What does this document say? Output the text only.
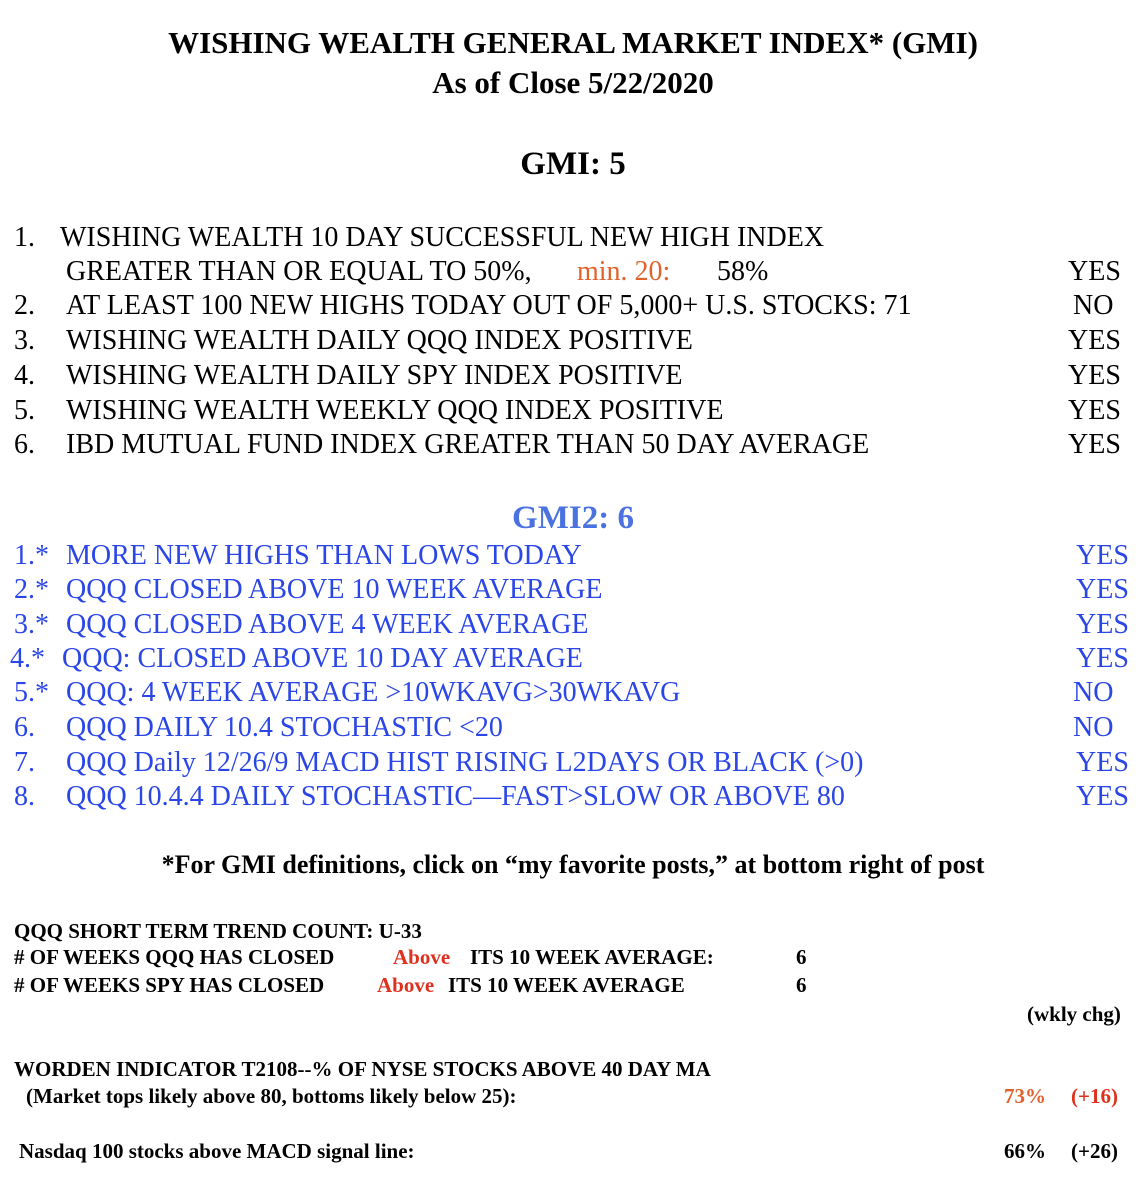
WISHING WEALTH GENERAL MARKET INDEX* (GMI)
As of Close 5/22/2020
GMI: 5
1. WISHING WEALTH 10 DAY SUCCESSFUL NEW HIGH INDEX
GREATER THAN OR EQUAL TO 50%, min. 20: 58%	YES
2. AT LEAST 100 NEW HIGHS TODAY OUT OF 5,000+ U.S. STOCKS: 71	NO
3. WISHING WEALTH DAILY QQQ INDEX POSITIVE	YES
4. WISHING WEALTH DAILY SPY INDEX POSITIVE	YES
5. WISHING WEALTH WEEKLY QQQ INDEX POSITIVE	YES
6. IBD MUTUAL FUND INDEX GREATER THAN 50 DAY AVERAGE	YES
GMI2: 6
1.* MORE NEW HIGHS THAN LOWS TODAY	YES
2.* QQQ CLOSED ABOVE 10 WEEK AVERAGE	YES
3.* QQQ CLOSED ABOVE 4 WEEK AVERAGE	YES
4.* QQQ: CLOSED ABOVE 10 DAY AVERAGE	YES
5.* QQQ: 4 WEEK AVERAGE >10WKAVG>30WKAVG	NO
6. QQQ DAILY 10.4 STOCHASTIC <20	NO
7. QQQ Daily 12/26/9 MACD HIST RISING L2DAYS OR BLACK (>0)	YES
8. QQQ 10.4.4 DAILY STOCHASTIC—FAST>SLOW OR ABOVE 80	YES
*For GMI definitions, click on “my favorite posts,” at bottom right of post
QQQ SHORT TERM TREND COUNT: U-33
# OF WEEKS QQQ HAS CLOSED	Above ITS 10 WEEK AVERAGE:	6
# OF WEEKS SPY HAS CLOSED	Above ITS 10 WEEK AVERAGE	6
(wkly chg)
WORDEN INDICATOR T2108--% OF NYSE STOCKS ABOVE 40 DAY MA
(Market tops likely above 80, bottoms likely below 25):	73% (+16)
Nasdaq 100 stocks above MACD signal line:	66% (+26)
